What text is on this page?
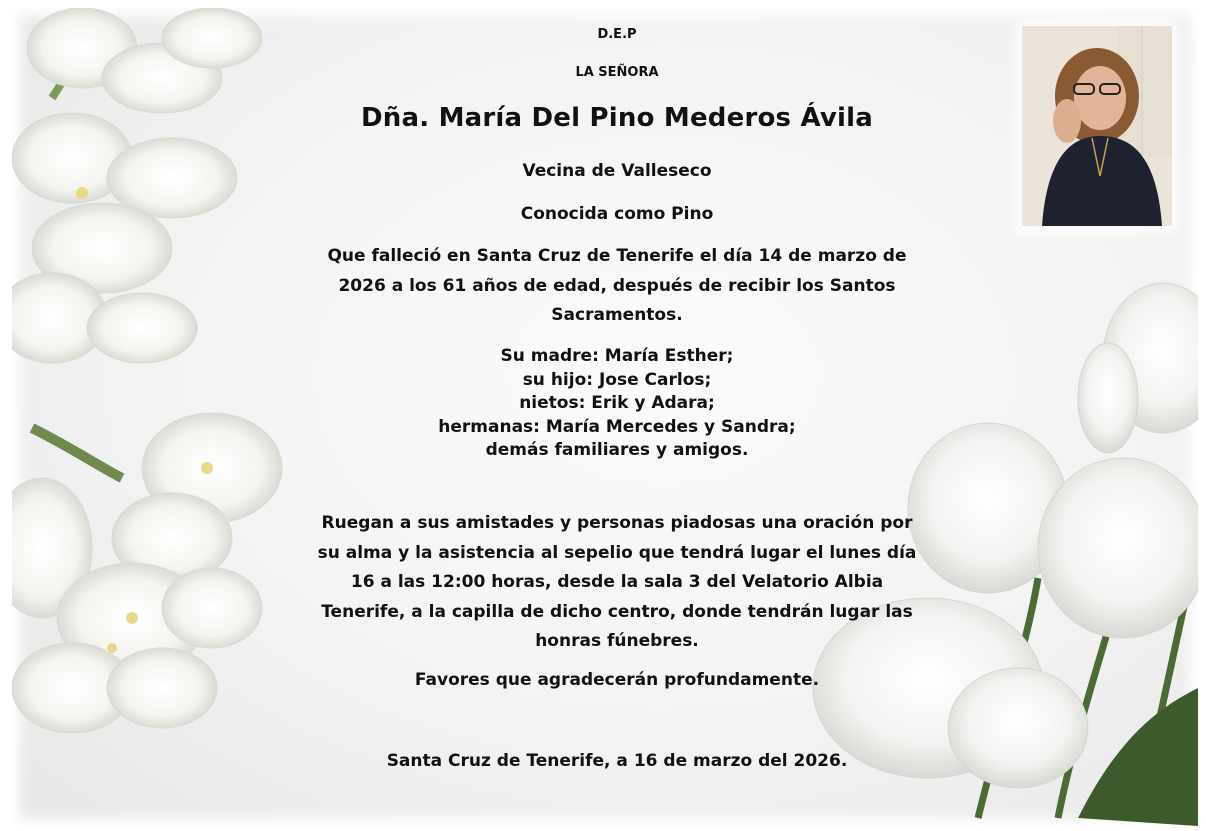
D.E.P

LA SEÑORA

Dña. María Del Pino Mederos Ávila

Vecina de Valleseco

Conocida como Pino

Que falleció en Santa Cruz de Tenerife el día 14 de marzo de
2026 a los 61 años de edad, después de recibir los Santos
Sacramentos.
Su madre: María Esther;
su hijo: Jose Carlos;
nietos: Erik y Adara;
hermanas: María Mercedes y Sandra;
demás familiares y amigos.
Ruegan a sus amistades y personas piadosas una oración por
su alma y la asistencia al sepelio que tendrá lugar el lunes día
16 a las 12:00 horas, desde la sala 3 del Velatorio Albia
Tenerife, a la capilla de dicho centro, donde tendrán lugar las
honras fúnebres.

Favores que agradecerán profundamente.

Santa Cruz de Tenerife, a 16 de marzo del 2026.
